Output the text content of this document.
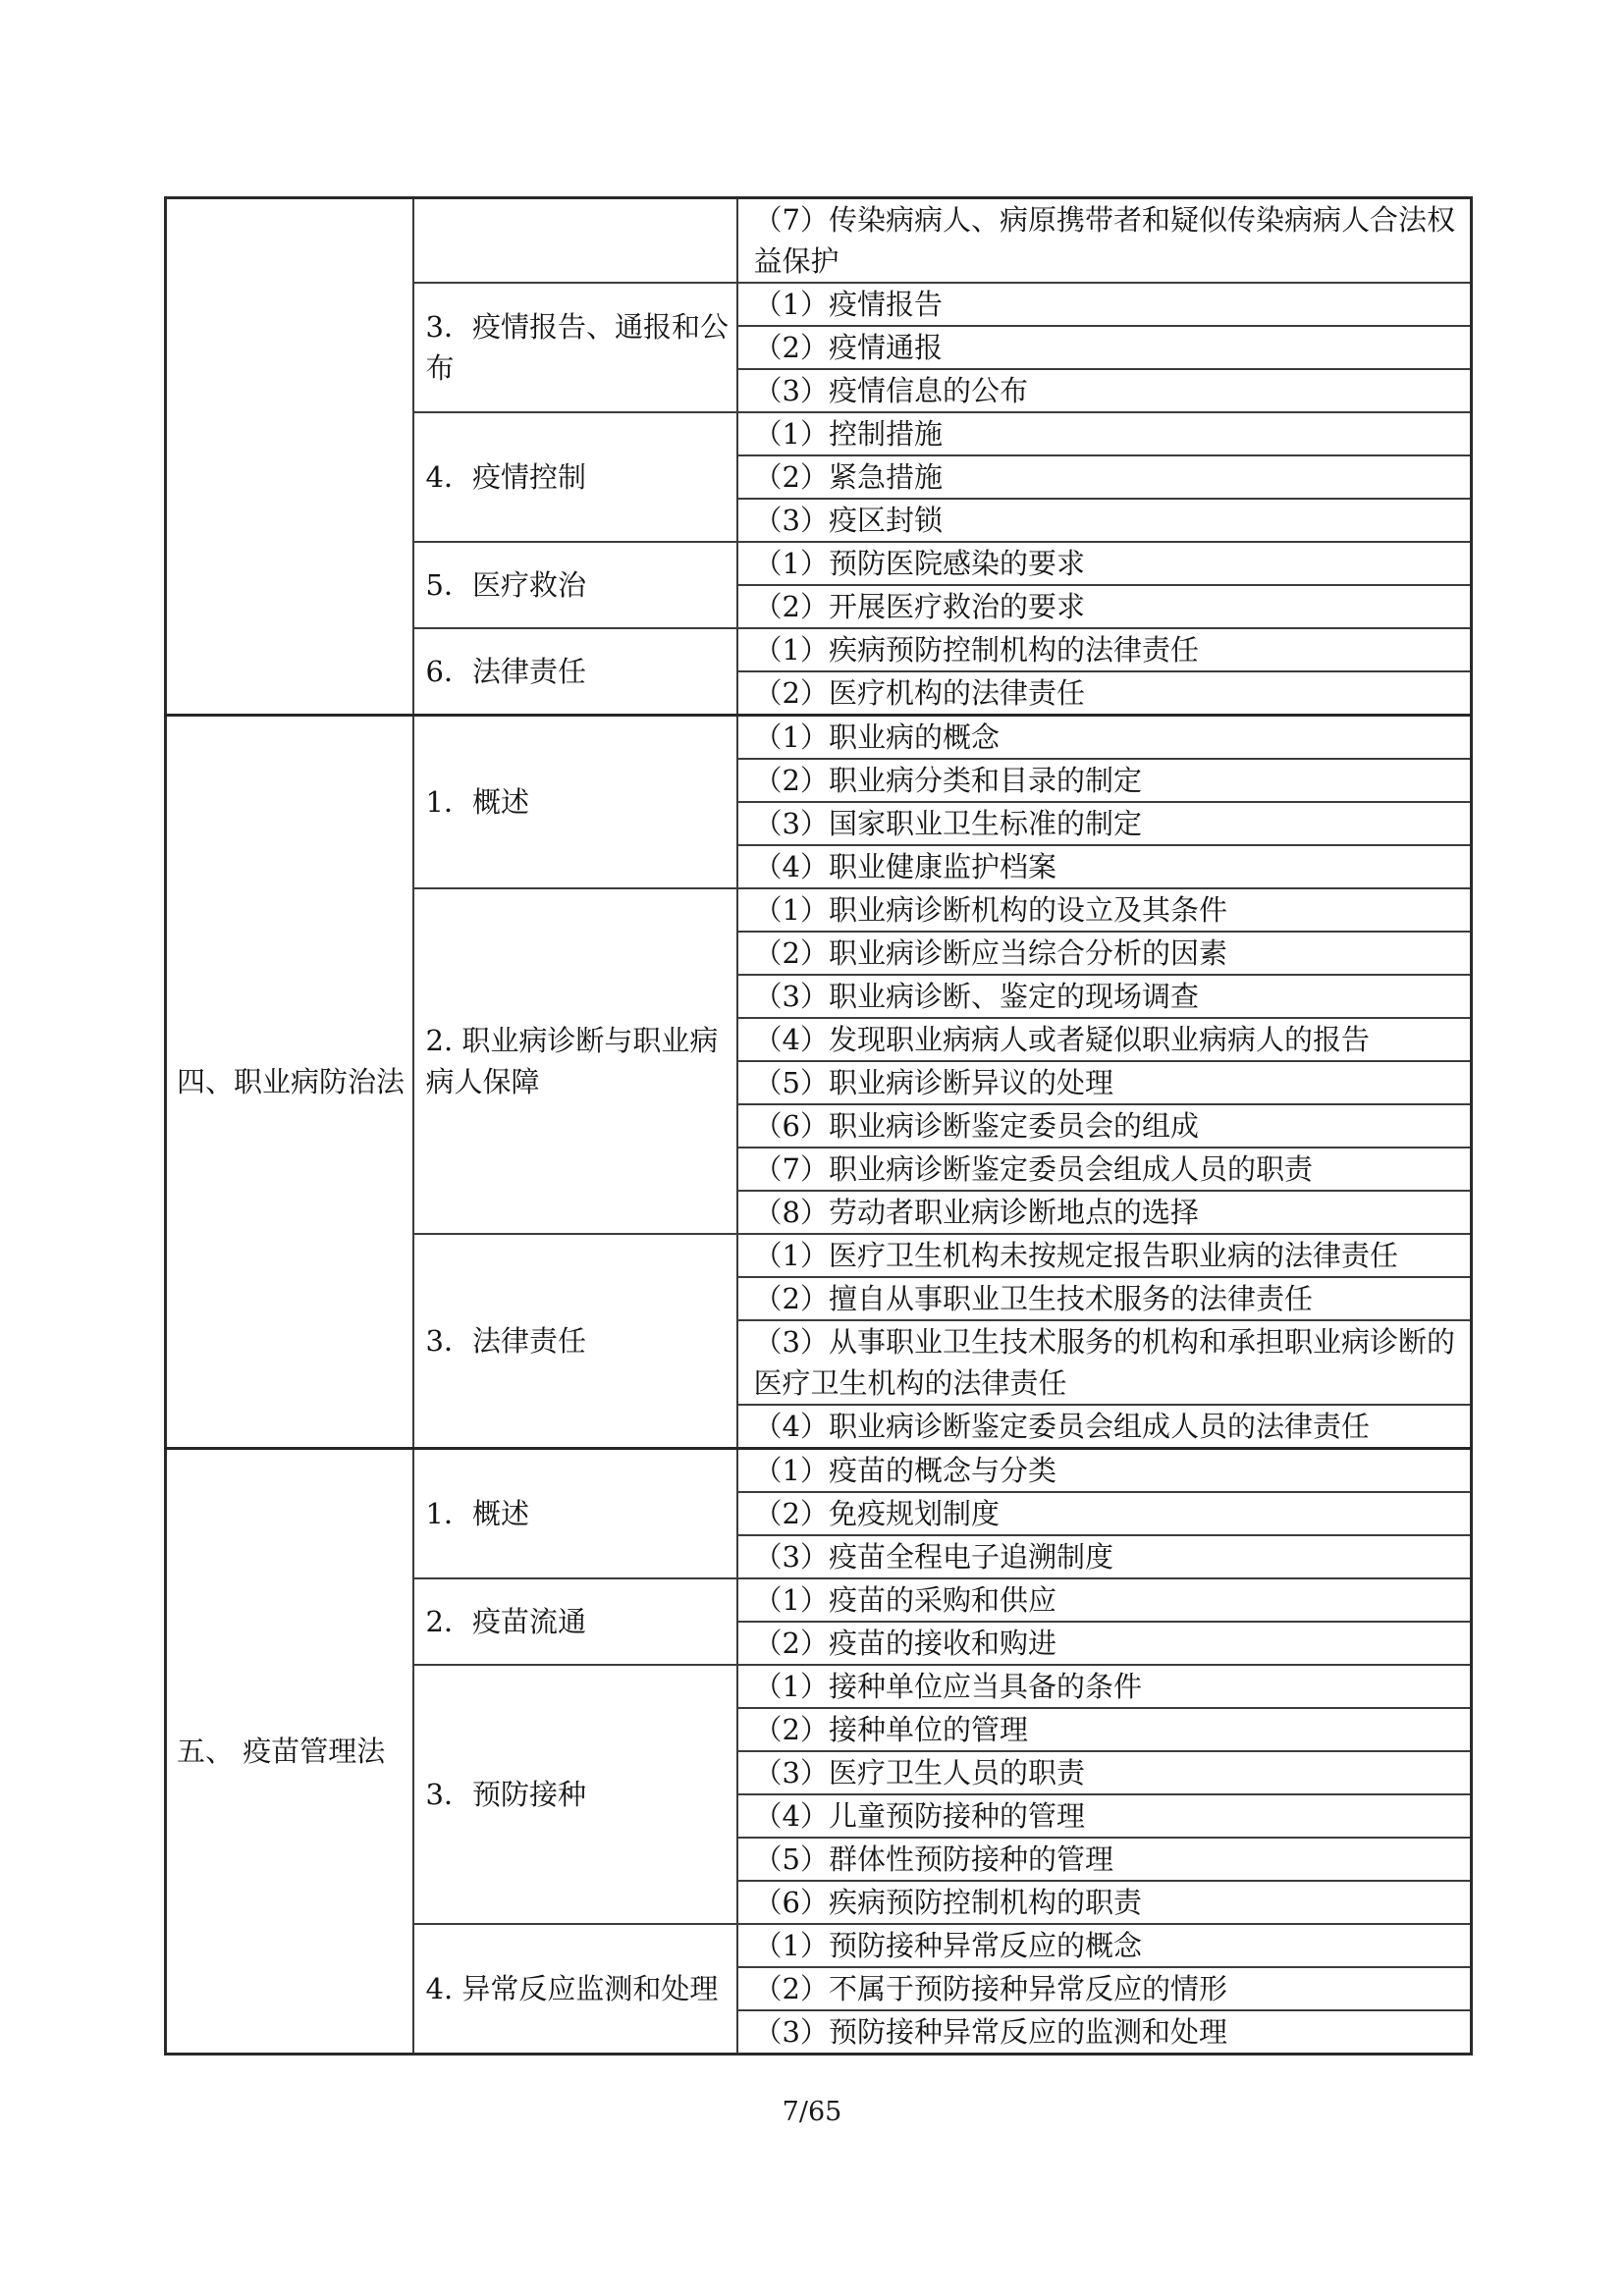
		（7）传染病病人、病原携带者和疑似传染病病人合法权益保护
	3．疫情报告、通报和公布	（1）疫情报告
		（2）疫情通报
		（3）疫情信息的公布
	4．疫情控制	（1）控制措施
		（2）紧急措施
		（3）疫区封锁
	5．医疗救治	（1）预防医院感染的要求
		（2）开展医疗救治的要求
	6．法律责任	（1）疾病预防控制机构的法律责任
		（2）医疗机构的法律责任
四、职业病防治法	1．概述	（1）职业病的概念
		（2）职业病分类和目录的制定
		（3）国家职业卫生标准的制定
		（4）职业健康监护档案
	2. 职业病诊断与职业病病人保障	（1）职业病诊断机构的设立及其条件
		（2）职业病诊断应当综合分析的因素
		（3）职业病诊断、鉴定的现场调查
		（4）发现职业病病人或者疑似职业病病人的报告
		（5）职业病诊断异议的处理
		（6）职业病诊断鉴定委员会的组成
		（7）职业病诊断鉴定委员会组成人员的职责
		（8）劳动者职业病诊断地点的选择
	3．法律责任	（1）医疗卫生机构未按规定报告职业病的法律责任
		（2）擅自从事职业卫生技术服务的法律责任
		（3）从事职业卫生技术服务的机构和承担职业病诊断的医疗卫生机构的法律责任
		（4）职业病诊断鉴定委员会组成人员的法律责任
五、 疫苗管理法	1．概述	（1）疫苗的概念与分类
		（2）免疫规划制度
		（3）疫苗全程电子追溯制度
	2．疫苗流通	（1）疫苗的采购和供应
		（2）疫苗的接收和购进
	3．预防接种	（1）接种单位应当具备的条件
		（2）接种单位的管理
		（3）医疗卫生人员的职责
		（4）儿童预防接种的管理
		（5）群体性预防接种的管理
		（6）疾病预防控制机构的职责
	4. 异常反应监测和处理	（1）预防接种异常反应的概念
		（2）不属于预防接种异常反应的情形
		（3）预防接种异常反应的监测和处理
7/65
